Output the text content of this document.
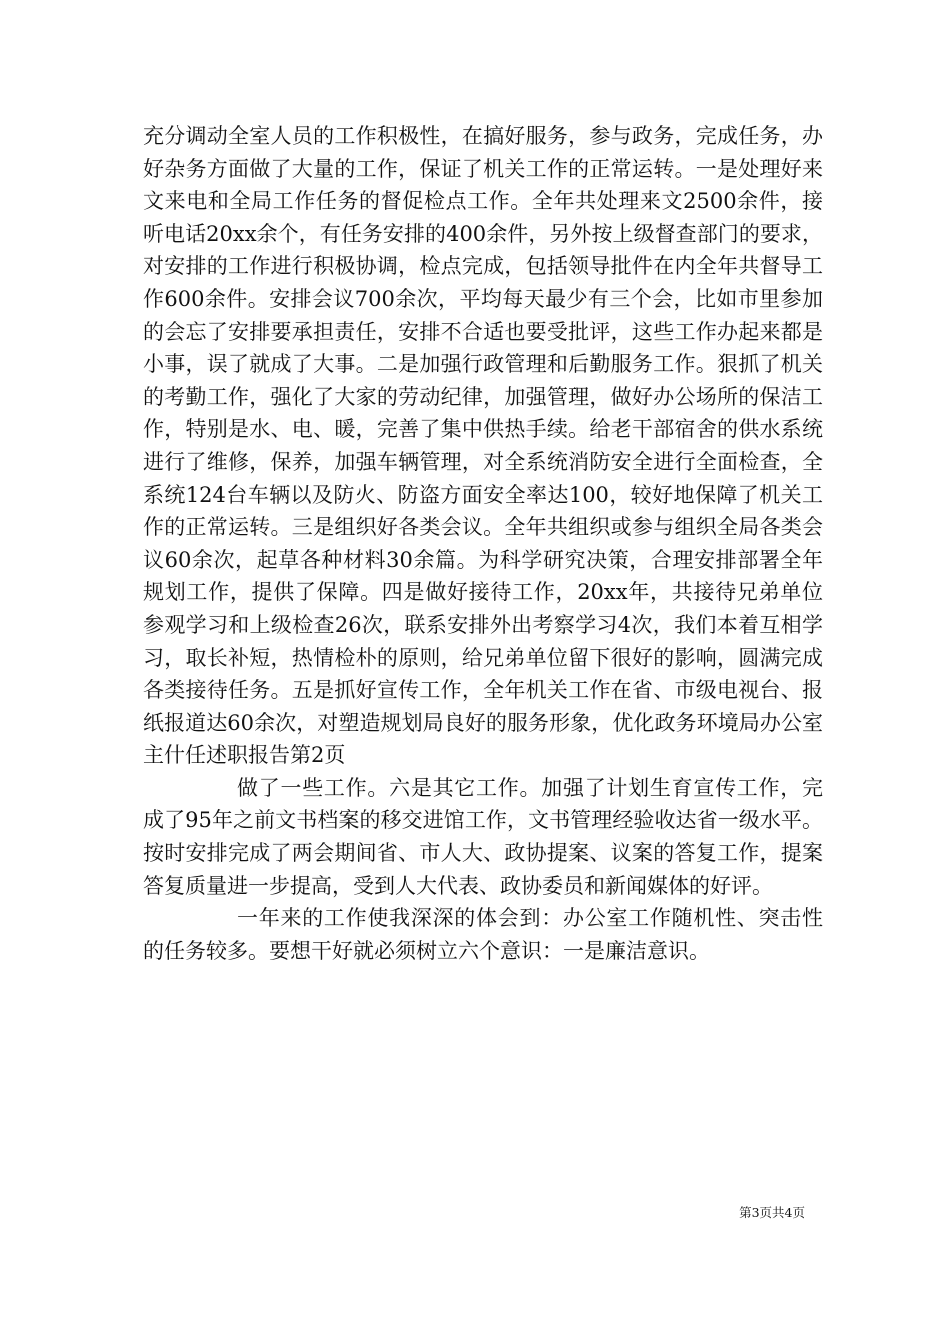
充分调动全室人员的工作积极性，在搞好服务，参与政务，完成任务，办好杂务方面做了大量的工作，保证了机关工作的正常运转。一是处理好来文来电和全局工作任务的督促检点工作。全年共处理来文2500余件，接听电话20xx余个，有任务安排的400余件，另外按上级督查部门的要求，对安排的工作进行积极协调，检点完成，包括领导批件在内全年共督导工作600余件。安排会议700余次，平均每天最少有三个会，比如市里参加的会忘了安排要承担责任，安排不合适也要受批评，这些工作办起来都是小事，误了就成了大事。二是加强行政管理和后勤服务工作。狠抓了机关的考勤工作，强化了大家的劳动纪律，加强管理，做好办公场所的保洁工作，特别是水、电、暖，完善了集中供热手续。给老干部宿舍的供水系统进行了维修，保养，加强车辆管理，对全系统消防安全进行全面检查，全系统124台车辆以及防火、防盗方面安全率达100，较好地保障了机关工作的正常运转。三是组织好各类会议。全年共组织或参与组织全局各类会议60余次，起草各种材料30余篇。为科学研究决策，合理安排部署全年规划工作，提供了保障。四是做好接待工作，20xx年，共接待兄弟单位参观学习和上级检查26次，联系安排外出考察学习4次，我们本着互相学习，取长补短，热情检朴的原则，给兄弟单位留下很好的影响，圆满完成各类接待任务。五是抓好宣传工作，全年机关工作在省、市级电视台、报纸报道达60余次，对塑造规划局良好的服务形象，优化政务环境局办公室主什任述职报告第2页

做了一些工作。六是其它工作。加强了计划生育宣传工作，完成了95年之前文书档案的移交进馆工作，文书管理经验收达省一级水平。按时安排完成了两会期间省、市人大、政协提案、议案的答复工作，提案答复质量进一步提高，受到人大代表、政协委员和新闻媒体的好评。

一年来的工作使我深深的体会到：办公室工作随机性、突击性的任务较多。要想干好就必须树立六个意识：一是廉洁意识。

第3页共4页
